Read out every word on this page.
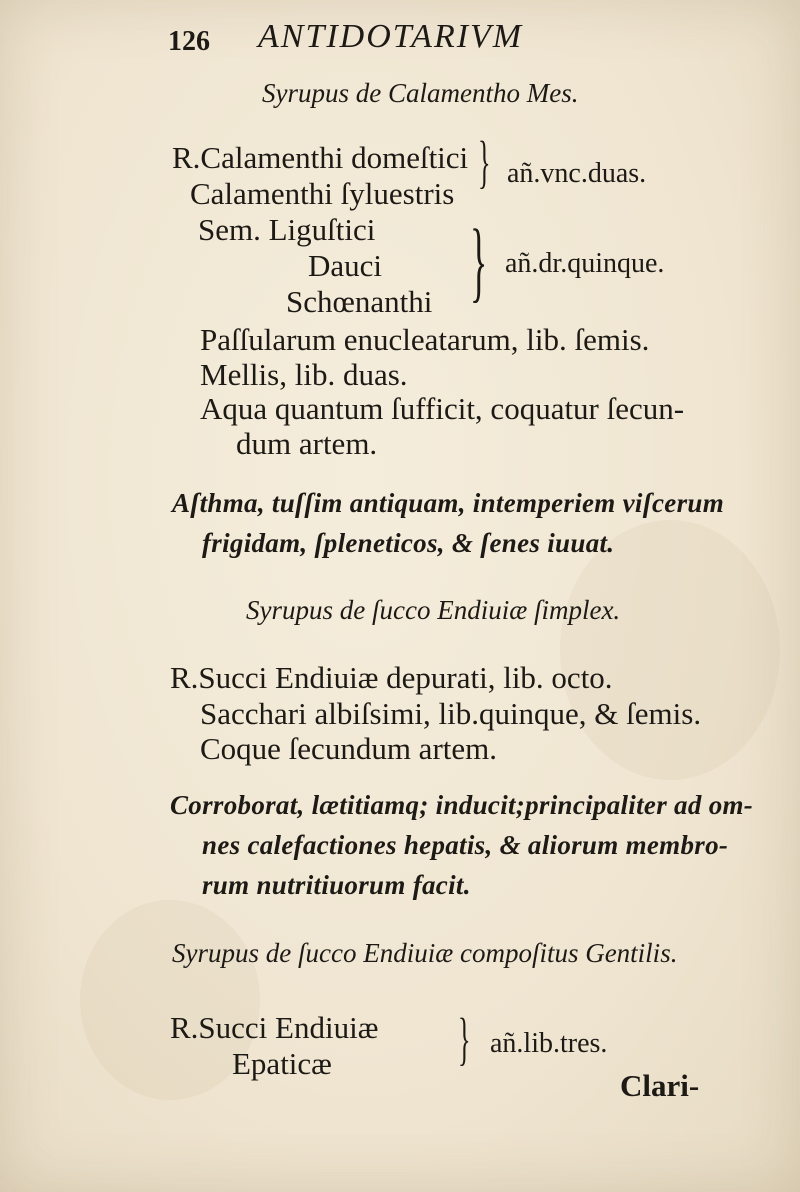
126 ANTIDOTARIVM
Syrupus de Calamentho Mes.
R.Calamenthi domeſtici
Calamenthi ſyluestris } añ.vnc.duas.
Sem. Liguſtici
Dauci
Schœnanthi } añ.dr.quinque.
Paſſularum enucleatarum, lib. ſemis.
Mellis, lib. duas.
Aqua quantum ſufficit, coquatur ſecun-
dum artem.
Aſthma, tuſſim antiquam, intemperiem viſcerum
frigidam, ſpleneticos, & ſenes iuuat.
Syrupus de ſucco Endiuiæ ſimplex.
R.Succi Endiuiæ depurati, lib. octo.
Sacchari albiſsimi, lib.quinque, & ſemis.
Coque ſecundum artem.
Corroborat, lætitiamq; inducit;principaliter ad om-
nes calefactiones hepatis, & aliorum membro-
rum nutritiuorum facit.
Syrupus de ſucco Endiuiæ compoſitus Gentilis.
R.Succi Endiuiæ
Epaticæ } añ.lib.tres.
Clari-
